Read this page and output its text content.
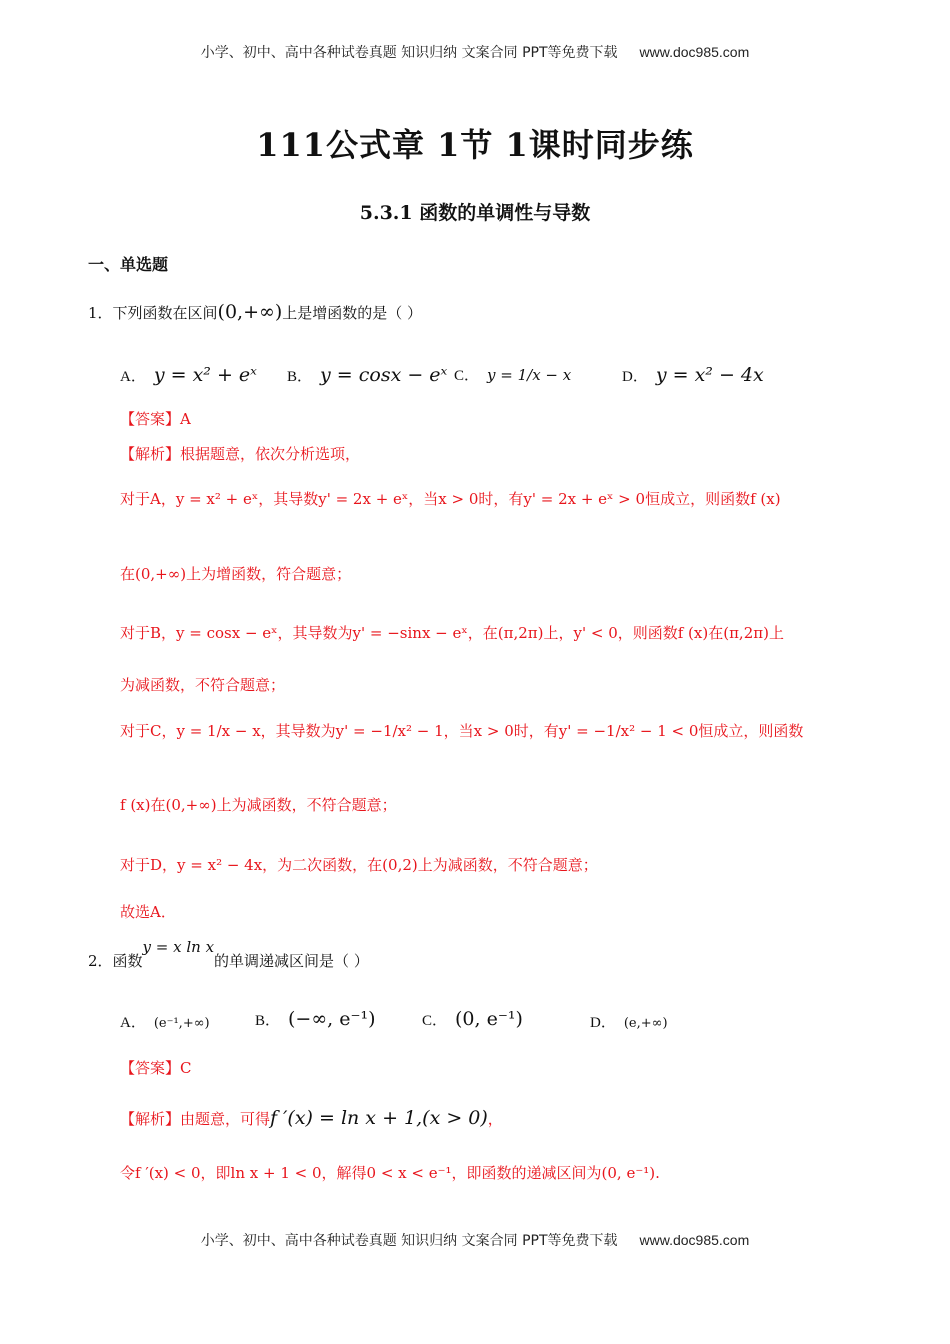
小学、初中、高中各种试卷真题 知识归纳 文案合同 PPT等免费下载 www.doc985.com
111公式章 1节 1课时同步练
5.3.1 函数的单调性与导数
一、单选题
1．下列函数在区间(0,+∞)上是增函数的是（ ）
A． y = x² + eˣ B． y = cosx − eˣ C． y = 1/x − x	D． y = x² − 4x
【答案】A
【解析】根据题意，依次分析选项，
对于A，y = x² + eˣ，其导数y' = 2x + eˣ，当x > 0时，有y' = 2x + eˣ > 0恒成立，则函数f (x)
在(0,+∞)上为增函数，符合题意；
对于B，y = cosx − eˣ，其导数为y' = −sinx − eˣ，在(π,2π)上，y' < 0，则函数f (x)在(π,2π)上
为减函数，不符合题意；
对于C，y = 1/x − x，其导数为y' = −1/x² − 1，当x > 0时，有y' = −1/x² − 1 < 0恒成立，则函数
f (x)在(0,+∞)上为减函数，不符合题意；
对于D，y = x² − 4x，为二次函数，在(0,2)上为减函数，不符合题意；
故选A．
2．函数y = x ln x的单调递减区间是（ ）
A． (e⁻¹,+∞)	B． (−∞, e⁻¹)	C． (0, e⁻¹)	D． (e,+∞)
【答案】C
【解析】由题意，可得f ′(x) = ln x + 1,(x > 0)，
令f ′(x) < 0，即ln x + 1 < 0，解得0 < x < e⁻¹，即函数的递减区间为(0, e⁻¹).
小学、初中、高中各种试卷真题 知识归纳 文案合同 PPT等免费下载 www.doc985.com
